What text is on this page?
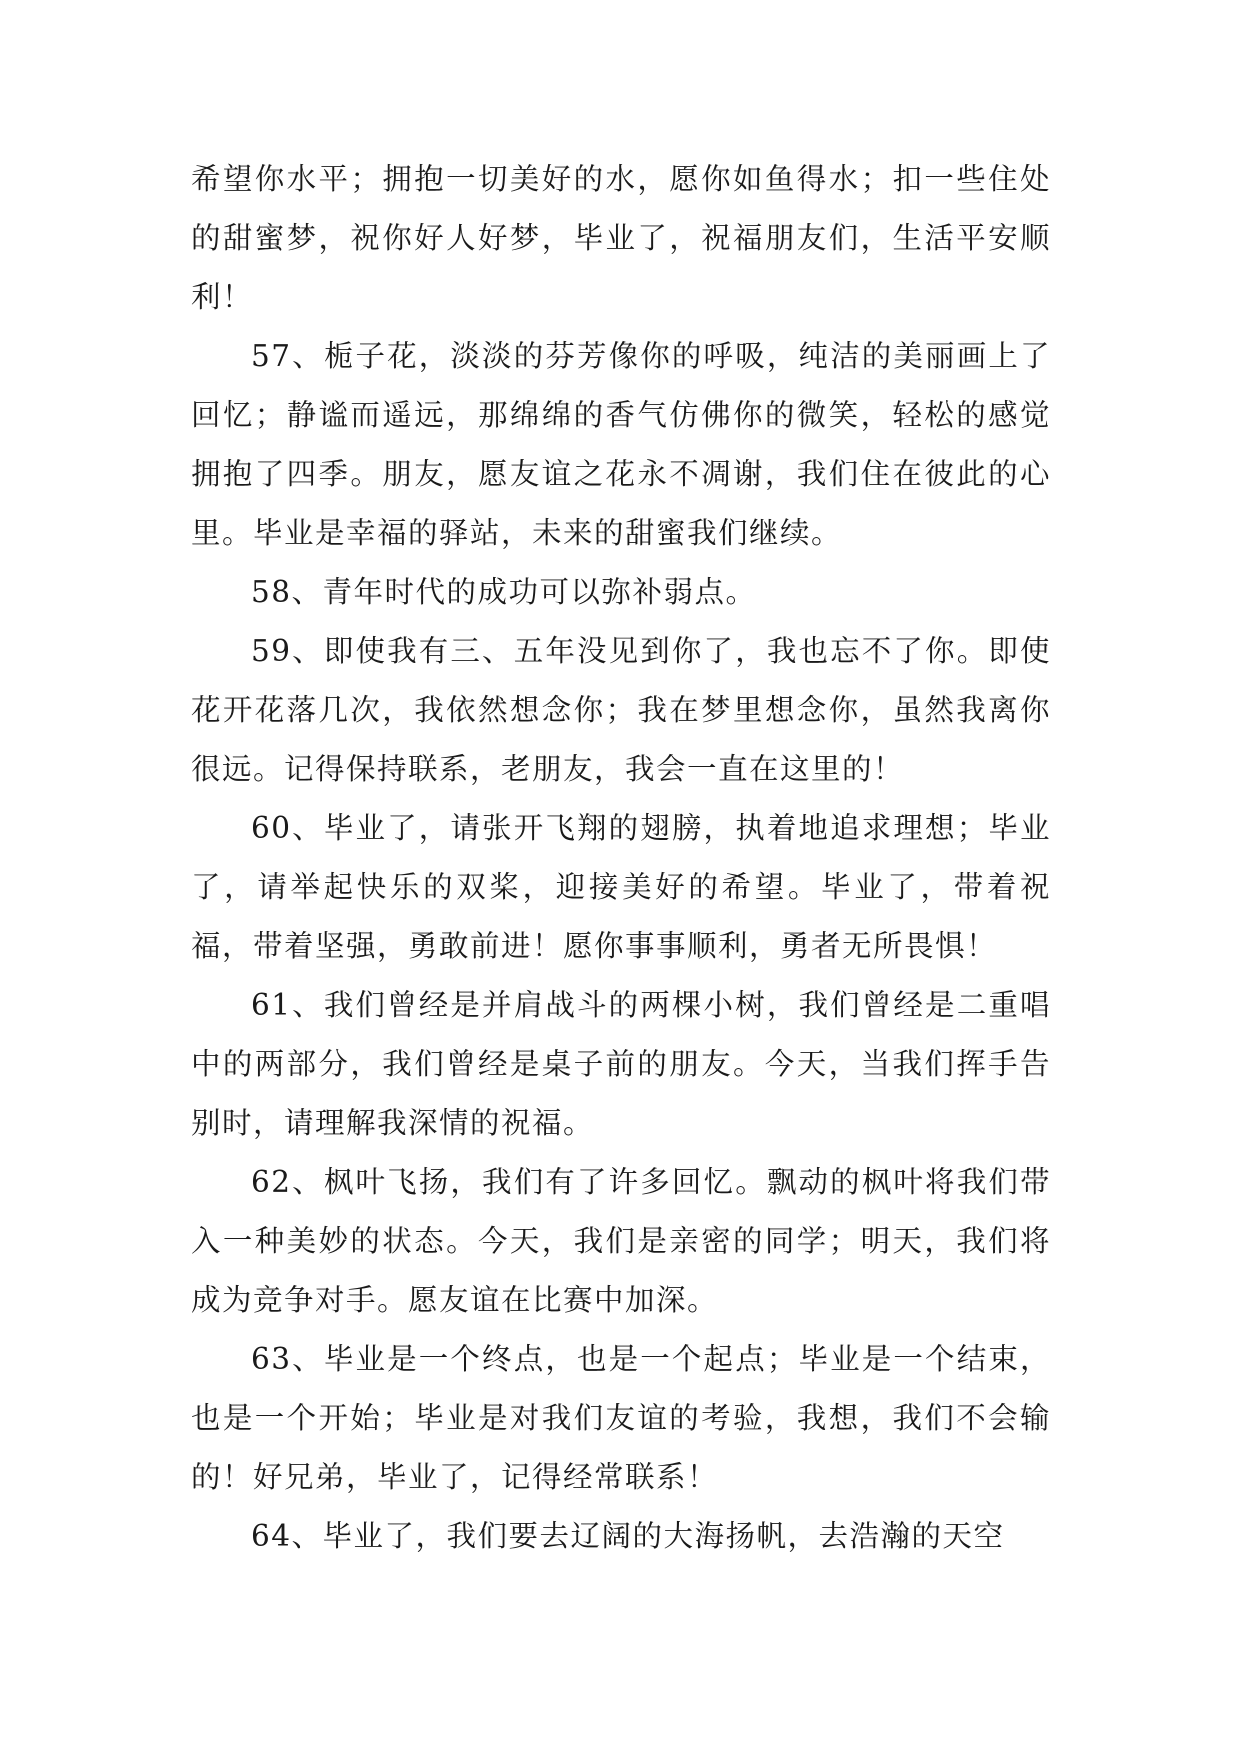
希望你水平；拥抱一切美好的水，愿你如鱼得水；扣一些住处的甜蜜梦，祝你好人好梦，毕业了，祝福朋友们，生活平安顺利！

57、栀子花，淡淡的芬芳像你的呼吸，纯洁的美丽画上了回忆；静谧而遥远，那绵绵的香气仿佛你的微笑，轻松的感觉拥抱了四季。朋友，愿友谊之花永不凋谢，我们住在彼此的心里。毕业是幸福的驿站，未来的甜蜜我们继续。

58、青年时代的成功可以弥补弱点。

59、即使我有三、五年没见到你了，我也忘不了你。即使花开花落几次，我依然想念你；我在梦里想念你，虽然我离你很远。记得保持联系，老朋友，我会一直在这里的！

60、毕业了，请张开飞翔的翅膀，执着地追求理想；毕业了，请举起快乐的双桨，迎接美好的希望。毕业了，带着祝福，带着坚强，勇敢前进！愿你事事顺利，勇者无所畏惧！

61、我们曾经是并肩战斗的两棵小树，我们曾经是二重唱中的两部分，我们曾经是桌子前的朋友。今天，当我们挥手告别时，请理解我深情的祝福。

62、枫叶飞扬，我们有了许多回忆。飘动的枫叶将我们带入一种美妙的状态。今天，我们是亲密的同学；明天，我们将成为竞争对手。愿友谊在比赛中加深。

63、毕业是一个终点，也是一个起点；毕业是一个结束，也是一个开始；毕业是对我们友谊的考验，我想，我们不会输的！好兄弟，毕业了，记得经常联系！

64、毕业了，我们要去辽阔的大海扬帆，去浩瀚的天空
